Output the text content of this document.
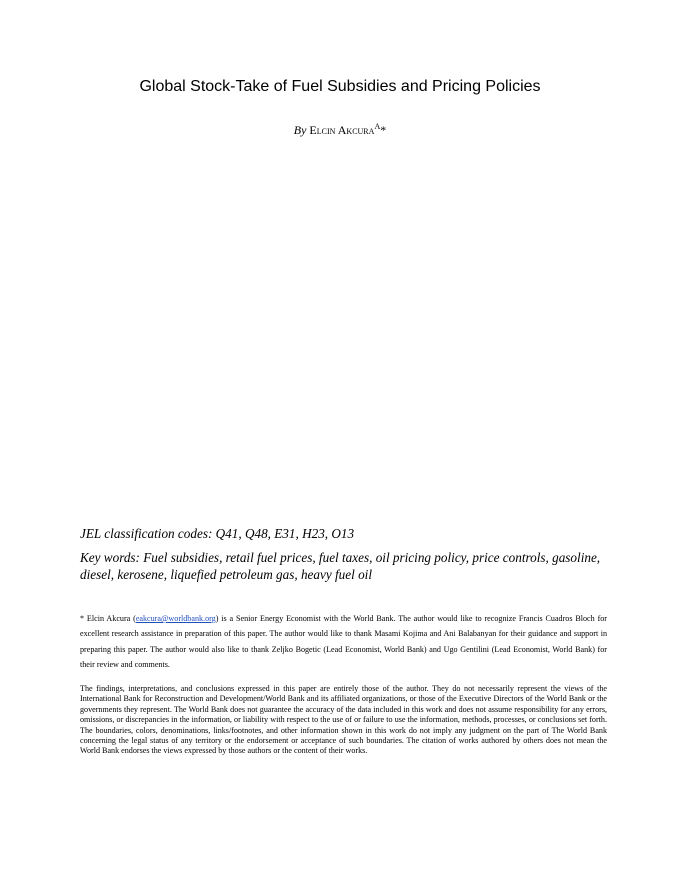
Global Stock-Take of Fuel Subsidies and Pricing Policies
By Elcin Akcura$^A$*
JEL classification codes: Q41, Q48, E31, H23, O13
Key words: Fuel subsidies, retail fuel prices, fuel taxes, oil pricing policy, price controls, gasoline, diesel, kerosene, liquefied petroleum gas, heavy fuel oil
* Elcin Akcura (eakcura@worldbank.org) is a Senior Energy Economist with the World Bank. The author would like to recognize Francis Cuadros Bloch for excellent research assistance in preparation of this paper. The author would like to thank Masami Kojima and Ani Balabanyan for their guidance and support in preparing this paper. The author would also like to thank Zeljko Bogetic (Lead Economist, World Bank) and Ugo Gentilini (Lead Economist, World Bank) for their review and comments.
The findings, interpretations, and conclusions expressed in this paper are entirely those of the author. They do not necessarily represent the views of the International Bank for Reconstruction and Development/World Bank and its affiliated organizations, or those of the Executive Directors of the World Bank or the governments they represent. The World Bank does not guarantee the accuracy of the data included in this work and does not assume responsibility for any errors, omissions, or discrepancies in the information, or liability with respect to the use of or failure to use the information, methods, processes, or conclusions set forth. The boundaries, colors, denominations, links/footnotes, and other information shown in this work do not imply any judgment on the part of The World Bank concerning the legal status of any territory or the endorsement or acceptance of such boundaries. The citation of works authored by others does not mean the World Bank endorses the views expressed by those authors or the content of their works.
